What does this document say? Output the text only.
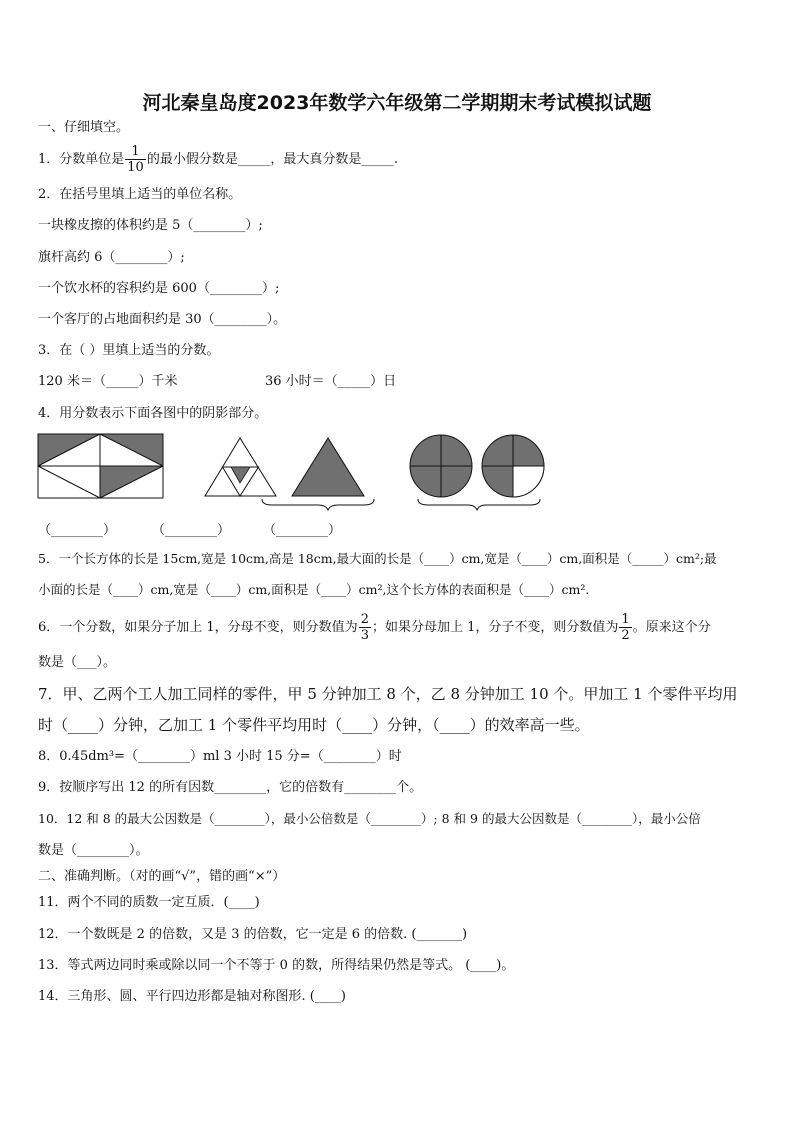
河北秦皇岛度2023年数学六年级第二学期期末考试模拟试题
一、仔细填空。
1．分数单位是 $\frac{1}{10}$ 的最小假分数是_____，最大真分数是_____.
2．在括号里填上适当的单位名称。
一块橡皮擦的体积约是 5（________）;
旗杆高约 6（________）;
一个饮水杯的容积约是 600（________）;
一个客厅的占地面积约是 30（________）。
3．在（ ）里填上适当的分数。
120 米＝（_____）千米	36 小时＝（_____）日
4．用分数表示下面各图中的阴影部分。
（________）	（________）	（________）
5．一个长方体的长是 15cm,宽是 10cm,高是 18cm,最大面的长是（____）cm,宽是（____）cm,面积是（_____）cm²;最
小面的长是（____）cm,宽是（____）cm,面积是（____）cm²,这个长方体的表面积是（____）cm².
6．一个分数，如果分子加上 1，分母不变，则分数值为 $\frac{2}{3}$ ；如果分母加上 1，分子不变，则分数值为 $\frac{1}{2}$ 。原来这个分
数是（___）。
7．甲、乙两个工人加工同样的零件，甲 5 分钟加工 8 个，乙 8 分钟加工 10 个。甲加工 1 个零件平均用
时（____）分钟，乙加工 1 个零件平均用时（____）分钟，（____）的效率高一些。
8．0.45dm³=（________）ml 3 小时 15 分=（________）时
9．按顺序写出 12 的所有因数________，它的倍数有________个。
10．12 和 8 的最大公因数是（________），最小公倍数是（________）; 8 和 9 的最大公因数是（________），最小公倍
数是（________）。
二、准确判断。（对的画“√”，错的画“×”）
11．两个不同的质数一定互质．(____)
12．一个数既是 2 的倍数，又是 3 的倍数，它一定是 6 的倍数. (_______)
13．等式两边同时乘或除以同一个不等于 0 的数，所得结果仍然是等式。 (____)。
14．三角形、圆、平行四边形都是轴对称图形. (____)
